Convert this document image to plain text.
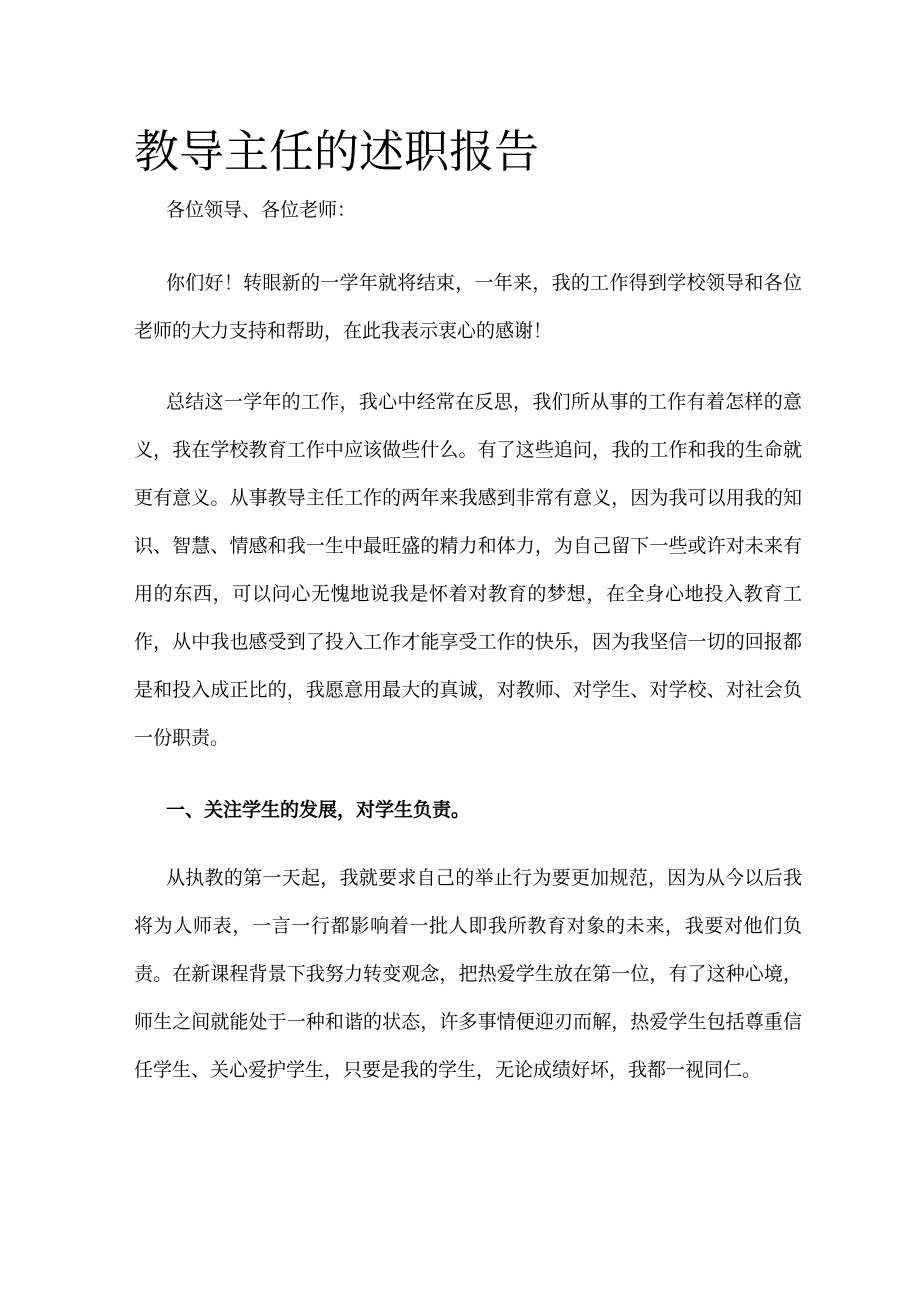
教导主任的述职报告

各位领导、各位老师：

你们好！转眼新的一学年就将结束，一年来，我的工作得到学校领导和各位老师的大力支持和帮助，在此我表示衷心的感谢！

总结这一学年的工作，我心中经常在反思，我们所从事的工作有着怎样的意义，我在学校教育工作中应该做些什么。有了这些追问，我的工作和我的生命就更有意义。从事教导主任工作的两年来我感到非常有意义，因为我可以用我的知识、智慧、情感和我一生中最旺盛的精力和体力，为自己留下一些或许对未来有用的东西，可以问心无愧地说我是怀着对教育的梦想，在全身心地投入教育工作，从中我也感受到了投入工作才能享受工作的快乐，因为我坚信一切的回报都是和投入成正比的，我愿意用最大的真诚，对教师、对学生、对学校、对社会负一份职责。

一、关注学生的发展，对学生负责。

从执教的第一天起，我就要求自己的举止行为要更加规范，因为从今以后我将为人师表，一言一行都影响着一批人即我所教育对象的未来，我要对他们负责。在新课程背景下我努力转变观念，把热爱学生放在第一位，有了这种心境，师生之间就能处于一种和谐的状态，许多事情便迎刃而解，热爱学生包括尊重信任学生、关心爱护学生，只要是我的学生，无论成绩好坏，我都一视同仁。
